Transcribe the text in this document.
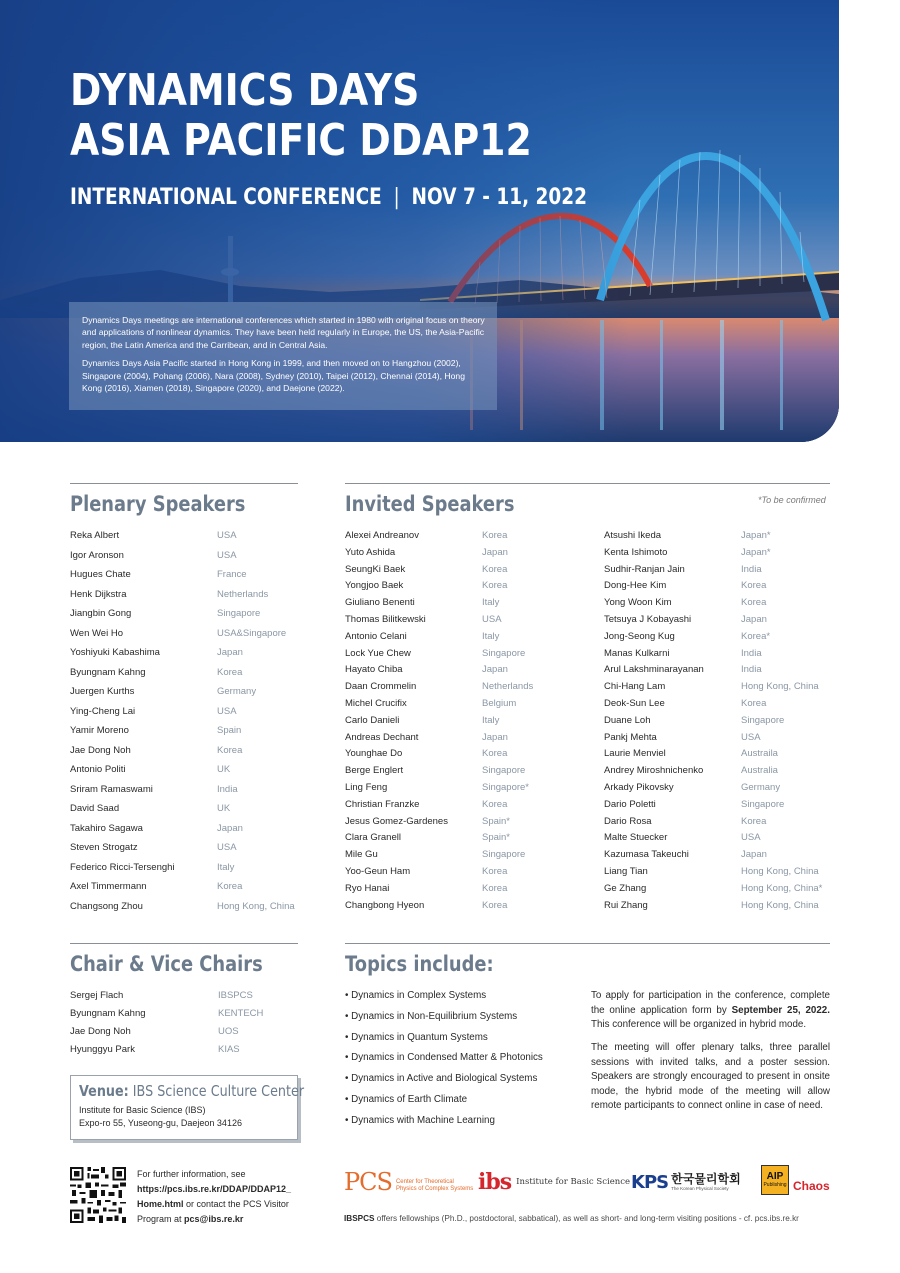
DYNAMICS DAYS
ASIA PACIFIC DDAP12
INTERNATIONAL CONFERENCE | NOV 7 - 11, 2022

Dynamics Days meetings are international conferences which started in 1980 with original focus on theory and applications of nonlinear dynamics. They have been held regularly in Europe, the US, the Asia-Pacific region, the Latin America and the Carribean, and in Central Asia.

Dynamics Days Asia Pacific started in Hong Kong in 1999, and then moved on to Hangzhou (2002), Singapore (2004), Pohang (2006), Nara (2008), Sydney (2010), Taipei (2012), Chennai (2014), Hong Kong (2016), Xiamen (2018), Singapore (2020), and Daejone (2022).

Plenary Speakers
Reka Albert	USA
Igor Aronson	USA
Hugues Chate	France
Henk Dijkstra	Netherlands
Jiangbin Gong	Singapore
Wen Wei Ho	USA&Singapore
Yoshiyuki Kabashima	Japan
Byungnam Kahng	Korea
Juergen Kurths	Germany
Ying-Cheng Lai	USA
Yamir Moreno	Spain
Jae Dong Noh	Korea
Antonio Politi	UK
Sriram Ramaswami	India
David Saad	UK
Takahiro Sagawa	Japan
Steven Strogatz	USA
Federico Ricci-Tersenghi	Italy
Axel Timmermann	Korea
Changsong Zhou	Hong Kong, China
Invited Speakers	*To be confirmed
Alexei Andreanov	Korea
Yuto Ashida	Japan
SeungKi Baek	Korea
Yongjoo Baek	Korea
Giuliano Benenti	Italy
Thomas Bilitkewski	USA
Antonio Celani	Italy
Lock Yue Chew	Singapore
Hayato Chiba	Japan
Daan Crommelin	Netherlands
Michel Crucifix	Belgium
Carlo Danieli	Italy
Andreas Dechant	Japan
Younghae Do	Korea
Berge Englert	Singapore
Ling Feng	Singapore*
Christian Franzke	Korea
Jesus Gomez-Gardenes	Spain*
Clara Granell	Spain*
Mile Gu	Singapore
Yoo-Geun Ham	Korea
Ryo Hanai	Korea
Changbong Hyeon	Korea
Atsushi Ikeda	Japan*
Kenta Ishimoto	Japan*
Sudhir-Ranjan Jain	India
Dong-Hee Kim	Korea
Yong Woon Kim	Korea
Tetsuya J Kobayashi	Japan
Jong-Seong Kug	Korea*
Manas Kulkarni	India
Arul Lakshminarayanan	India
Chi-Hang Lam	Hong Kong, China
Deok-Sun Lee	Korea
Duane Loh	Singapore
Pankj Mehta	USA
Laurie Menviel	Austraila
Andrey Miroshnichenko	Australia
Arkady Pikovsky	Germany
Dario Poletti	Singapore
Dario Rosa	Korea
Malte Stuecker	USA
Kazumasa Takeuchi	Japan
Liang Tian	Hong Kong, China
Ge Zhang	Hong Kong, China*
Rui Zhang	Hong Kong, China
Chair & Vice Chairs
Sergej Flach	IBSPCS
Byungnam Kahng	KENTECH
Jae Dong Noh	UOS
Hyunggyu Park	KIAS
Venue: IBS Science Culture Center
Institute for Basic Science (IBS)
Expo-ro 55, Yuseong-gu, Daejeon 34126
Topics include:
• Dynamics in Complex Systems
• Dynamics in Non-Equilibrium Systems
• Dynamics in Quantum Systems
• Dynamics in Condensed Matter & Photonics
• Dynamics in Active and Biological Systems
• Dynamics of Earth Climate
• Dynamics with Machine Learning
To apply for participation in the conference, complete the online application form by September 25, 2022. This conference will be organized in hybrid mode.
The meeting will offer plenary talks, three parallel sessions with invited talks, and a poster session. Speakers are strongly encouraged to present in onsite mode, the hybrid mode of the meeting will allow remote participants to connect online in case of need.
For further information, see
https://pcs.ibs.re.kr/DDAP/DDAP12_
Home.html or contact the PCS Visitor Program at pcs@ibs.re.kr
PCS Center for Theoretical
Physics of Complex Systems ibs Institute for Basic Science KPS 한국물리학회
The Korean Physical Society
AIP
Publishing Chaos
IBSPCS offers fellowships (Ph.D., postdoctoral, sabbatical), as well as short- and long-term visiting positions - cf. pcs.ibs.re.kr
